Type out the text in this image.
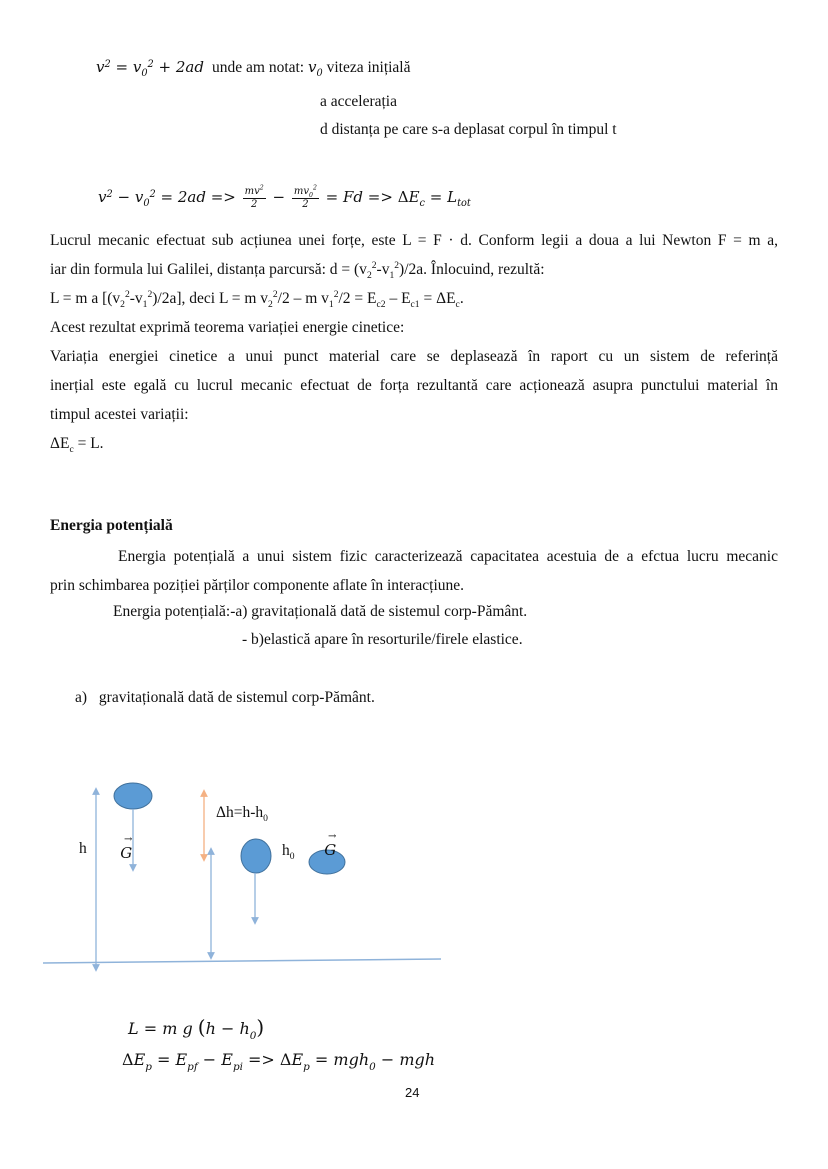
$v^2 = v_0^2 + 2ad$ unde am notat: $v_0$ viteza inițială
a accelerația
d distanța pe care s-a deplasat corpul în timpul t
$v^2 - v_0^2 = 2ad => \frac{mv^2}{2} - \frac{mv_0^2}{2} = Fd => \Delta E_c = L_{tot}$
Lucrul mecanic efectuat sub acțiunea unei forțe, este L = F · d. Conform legii a doua a lui Newton F = m a,
iar din formula lui Galilei, distanța parcursă: $d = (v_2^2-v_1^2)/2a$. Înlocuind, rezultă:
L = m a $[(v_2^2-v_1^2)/2a]$, deci L = m $v_2^2/2$ – m $v_1^2/2 = E_{c2} - E_{c1} = \Delta E_c$.
Acest rezultat exprimă teorema variației energie cinetice:
Variația energiei cinetice a unui punct material care se deplasează în raport cu un sistem de referință
inerțial este egală cu lucrul mecanic efectuat de forța rezultantă care acționează asupra punctului material în
timpul acestei variații:
$\Delta E_c = L$.
Energia potențială
Energia potențială a unui sistem fizic caracterizează capacitatea acestuia de a efctua lucru mecanic
prin schimbarea poziției părților componente aflate în interacțiune.
Energia potențială:-a) gravitațională dată de sistemul corp-Pământ.
- b)elastică apare în resorturile/firele elastice.
a) gravitațională dată de sistemul corp-Pământ.
h
→
G
$\Delta h=h-h_0$
$h_0$
→
G
L = m g $(h - h_0)$
$\Delta E_p = E_{pf} - E_{pi} => \Delta E_p = mgh_0$ − mgh
24
